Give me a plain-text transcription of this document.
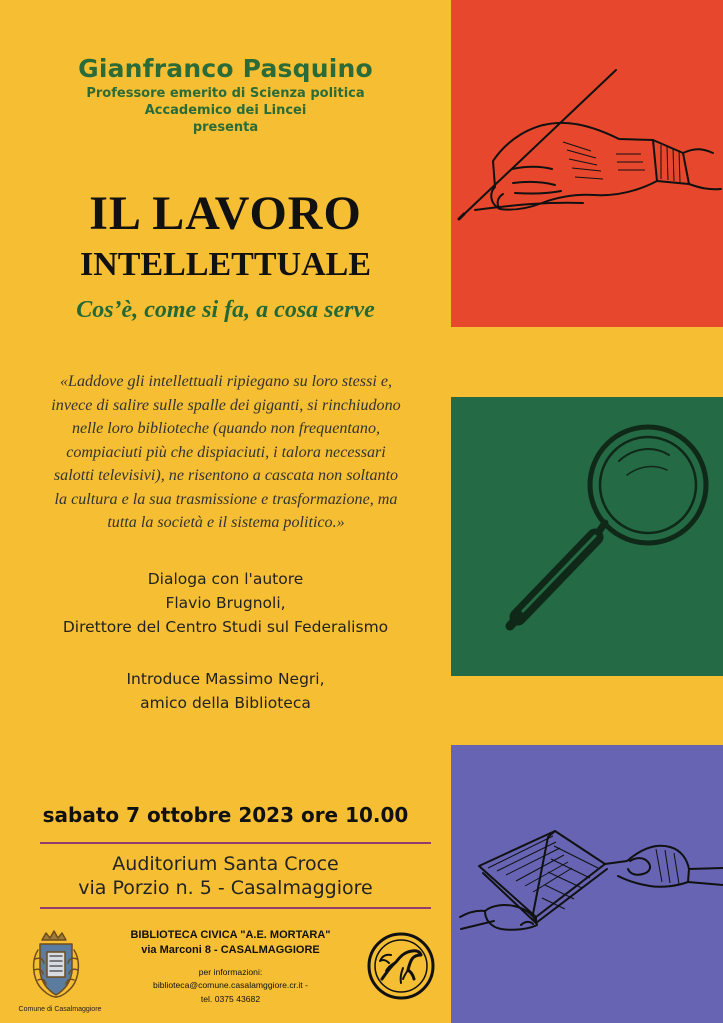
Gianfranco Pasquino

Professore emerito di Scienza politica

Accademico dei Lincei

presenta

IL LAVORO
INTELLETTUALE

Cos’è, come si fa, a cosa serve

«Laddove gli intellettuali ripiegano su loro stessi e,
invece di salire sulle spalle dei giganti, si rinchiudono
nelle loro biblioteche (quando non frequentano,
compiaciuti più che dispiaciuti, i talora necessari
salotti televisivi), ne risentono a cascata non soltanto
la cultura e la sua trasmissione e trasformazione, ma
tutta la società e il sistema politico.»

Dialoga con l'autore

Flavio Brugnoli,

Direttore del Centro Studi sul Federalismo

Introduce Massimo Negri,

amico della Biblioteca

sabato 7 ottobre 2023 ore 10.00

Auditorium Santa Croce

via Porzio n. 5 - Casalmaggiore

Comune di Casalmaggiore

BIBLIOTECA CIVICA "A.E. MORTARA"

via Marconi 8 - CASALMAGGIORE

per informazioni:

biblioteca@comune.casalamggiore.cr.it -

tel. 0375 43682
